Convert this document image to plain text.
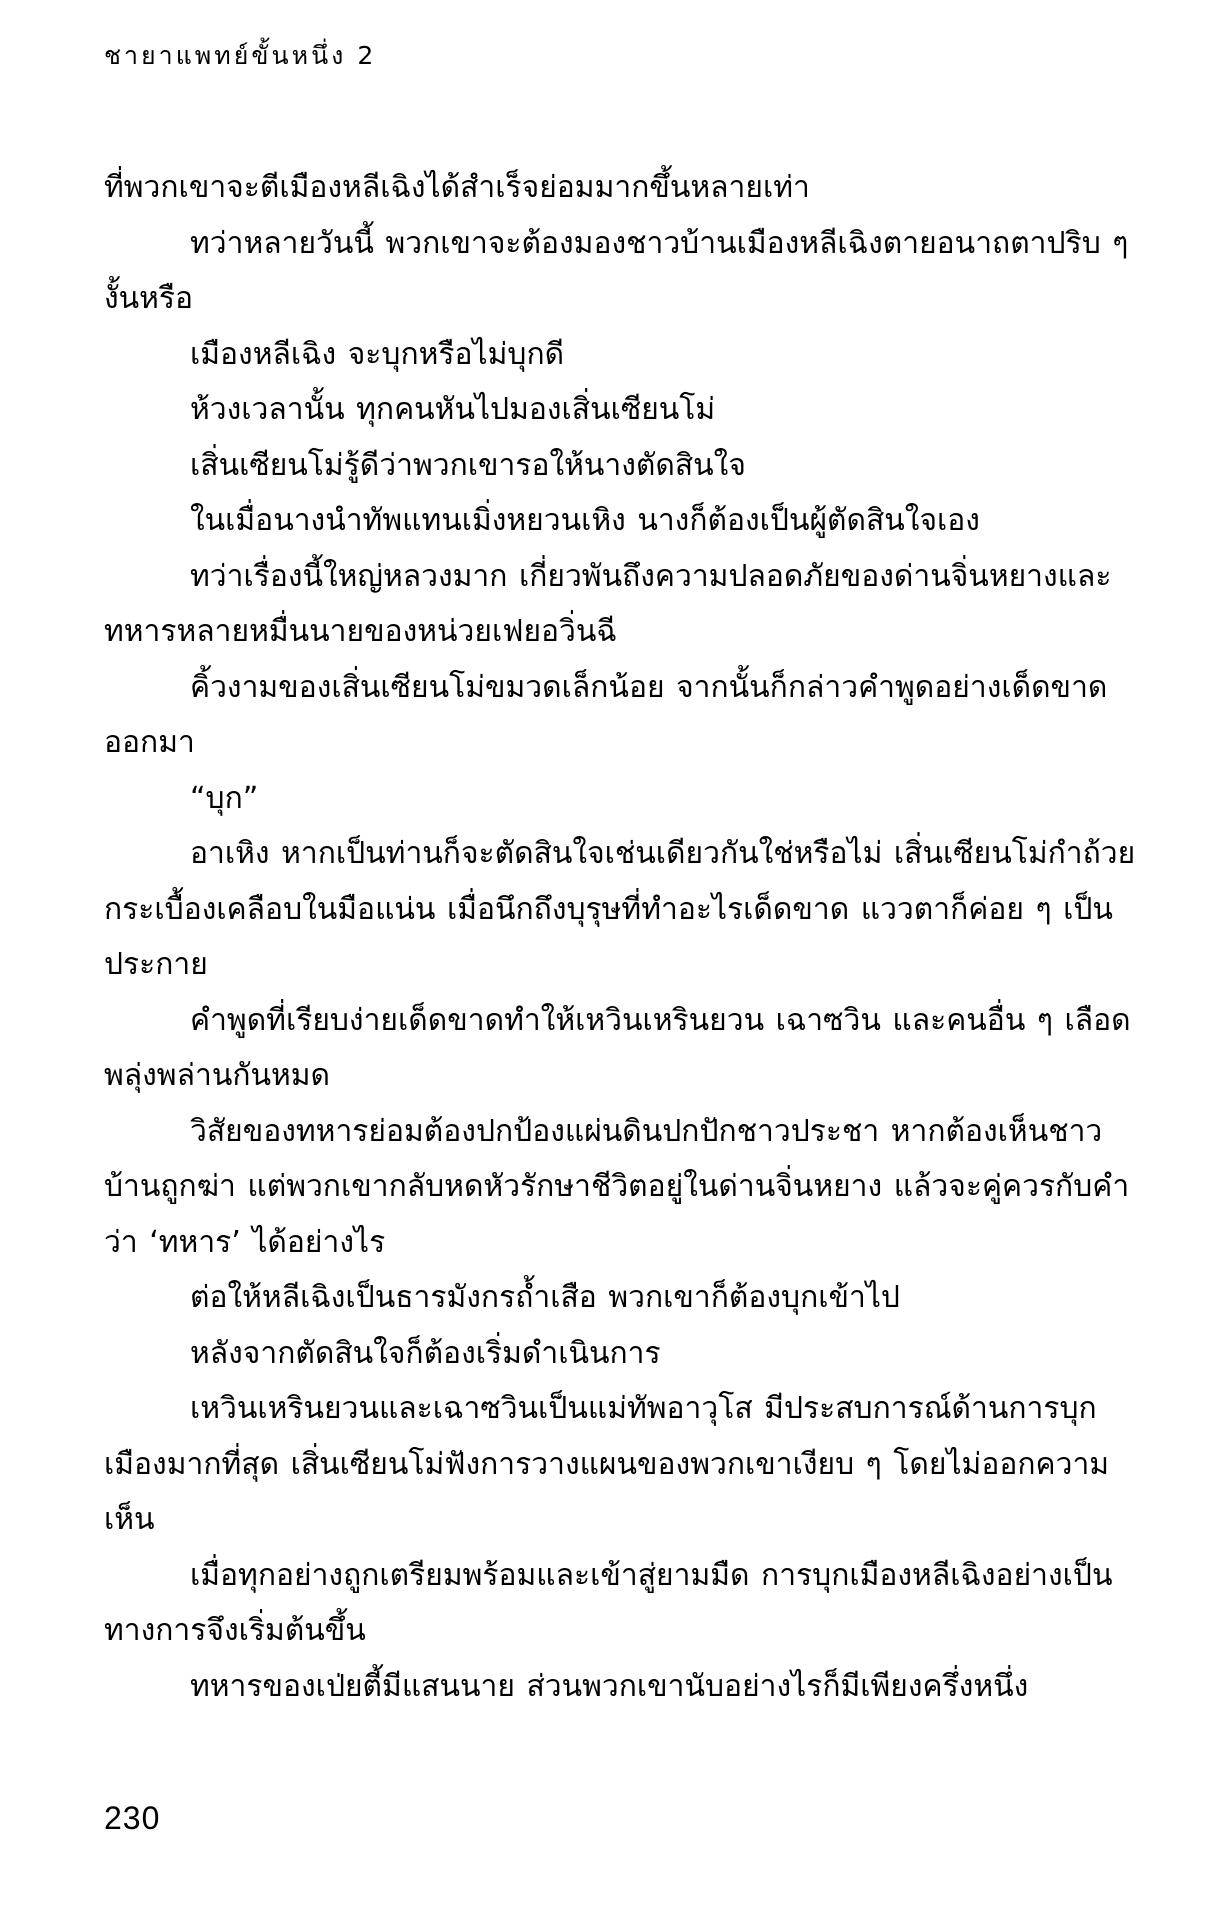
ชายาแพทย์ขั้นหนึ่ง 2

ที่พวกเขาจะตีเมืองหลีเฉิงได้สำเร็จย่อมมากขึ้นหลายเท่า

ทว่าหลายวันนี้ พวกเขาจะต้องมองชาวบ้านเมืองหลีเฉิงตายอนาถตาปริบ ๆ งั้นหรือ

เมืองหลีเฉิง จะบุกหรือไม่บุกดี

ห้วงเวลานั้น ทุกคนหันไปมองเสิ่นเซียนโม่

เสิ่นเซียนโม่รู้ดีว่าพวกเขารอให้นางตัดสินใจ

ในเมื่อนางนำทัพแทนเมิ่งหยวนเหิง นางก็ต้องเป็นผู้ตัดสินใจเอง

ทว่าเรื่องนี้ใหญ่หลวงมาก เกี่ยวพันถึงความปลอดภัยของด่านจิ่นหยางและทหารหลายหมื่นนายของหน่วยเฟยอวิ่นฉี

คิ้วงามของเสิ่นเซียนโม่ขมวดเล็กน้อย จากนั้นก็กล่าวคำพูดอย่างเด็ดขาดออกมา

“บุก”

อาเหิง หากเป็นท่านก็จะตัดสินใจเช่นเดียวกันใช่หรือไม่ เสิ่นเซียนโม่กำถ้วยกระเบื้องเคลือบในมือแน่น เมื่อนึกถึงบุรุษที่ทำอะไรเด็ดขาด แววตาก็ค่อย ๆ เป็นประกาย

คำพูดที่เรียบง่ายเด็ดขาดทำให้เหวินเหรินยวน เฉาซวิน และคนอื่น ๆ เลือดพลุ่งพล่านกันหมด

วิสัยของทหารย่อมต้องปกป้องแผ่นดินปกปักชาวประชา หากต้องเห็นชาวบ้านถูกฆ่า แต่พวกเขากลับหดหัวรักษาชีวิตอยู่ในด่านจิ่นหยาง แล้วจะคู่ควรกับคำว่า ‘ทหาร’ ได้อย่างไร

ต่อให้หลีเฉิงเป็นธารมังกรถ้ำเสือ พวกเขาก็ต้องบุกเข้าไป

หลังจากตัดสินใจก็ต้องเริ่มดำเนินการ

เหวินเหรินยวนและเฉาซวินเป็นแม่ทัพอาวุโส มีประสบการณ์ด้านการบุกเมืองมากที่สุด เสิ่นเซียนโม่ฟังการวางแผนของพวกเขาเงียบ ๆ โดยไม่ออกความเห็น

เมื่อทุกอย่างถูกเตรียมพร้อมและเข้าสู่ยามมืด การบุกเมืองหลีเฉิงอย่างเป็นทางการจึงเริ่มต้นขึ้น

ทหารของเป่ยตี้มีแสนนาย ส่วนพวกเขานับอย่างไรก็มีเพียงครึ่งหนึ่ง

230
